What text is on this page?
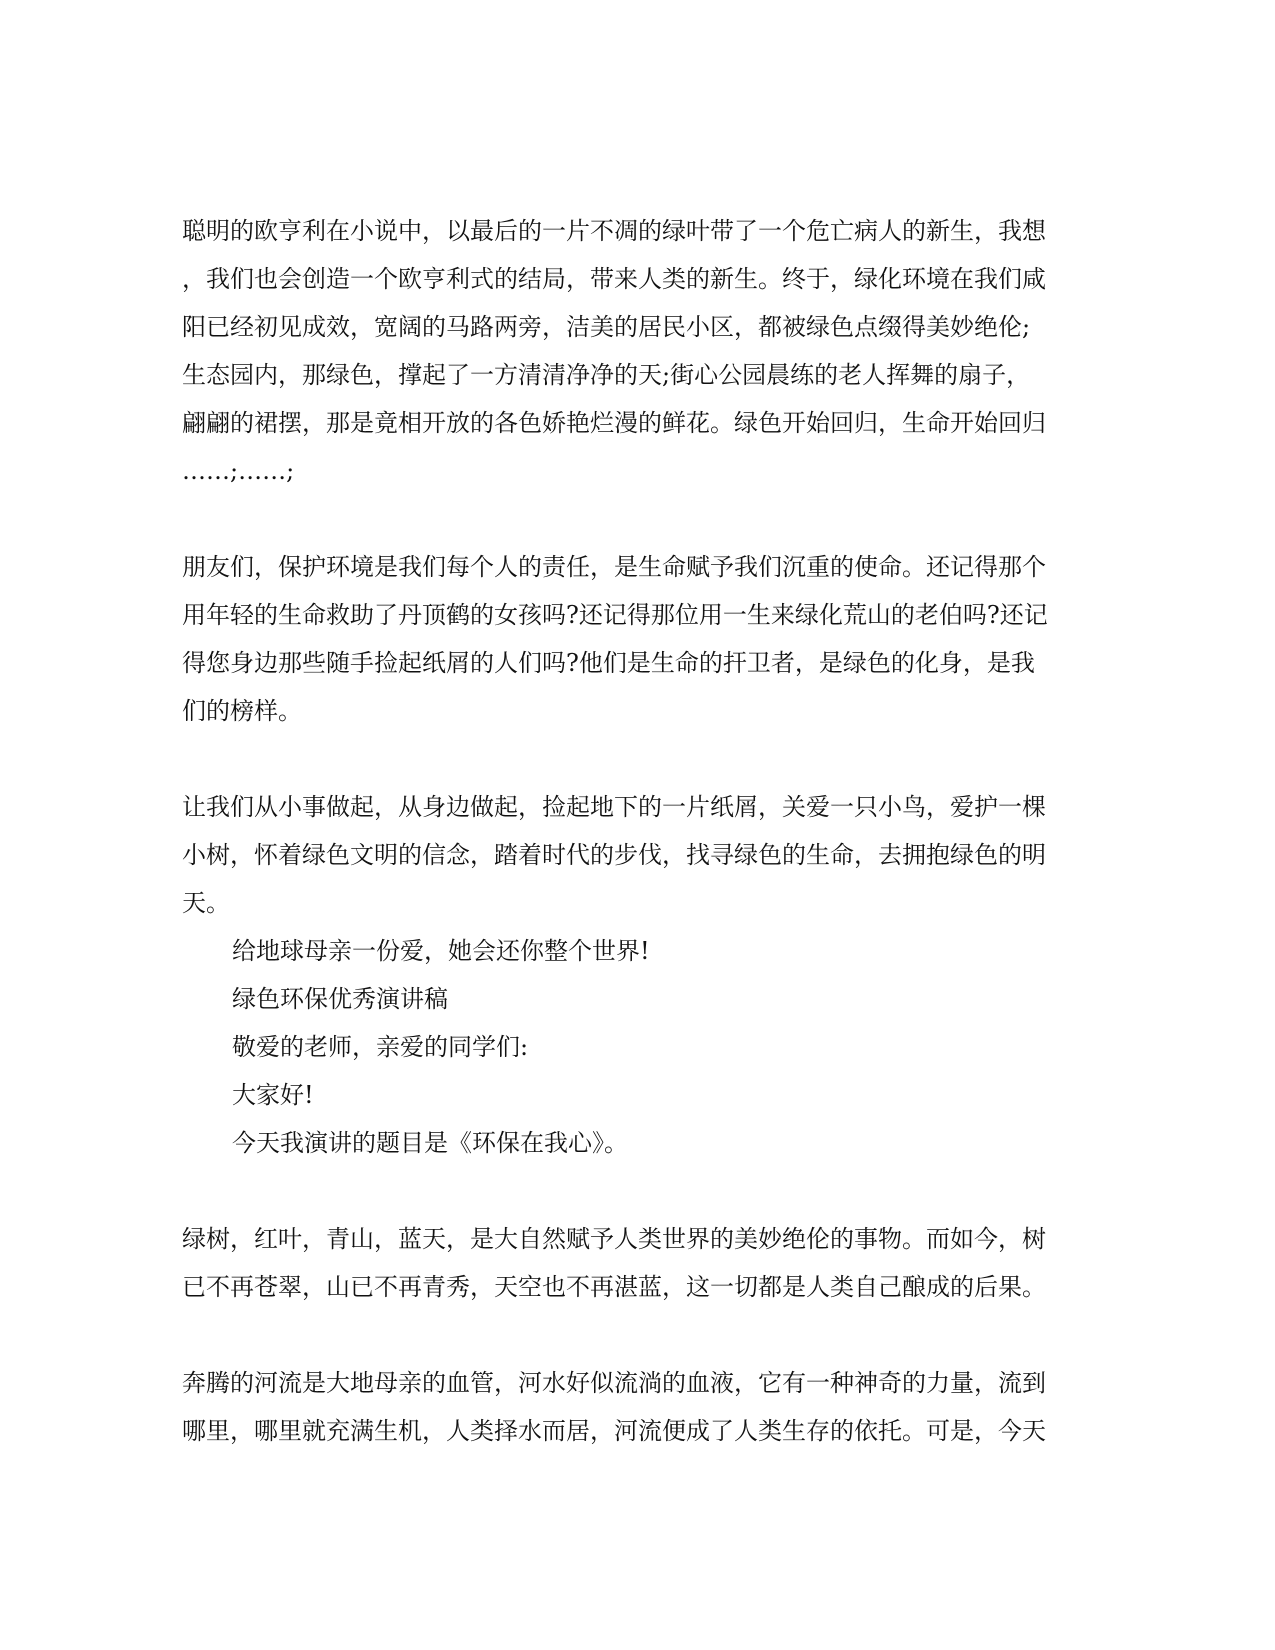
聪明的欧亨利在小说中，以最后的一片不凋的绿叶带了一个危亡病人的新生，我想
，我们也会创造一个欧亨利式的结局，带来人类的新生。终于，绿化环境在我们咸
阳已经初见成效，宽阔的马路两旁，洁美的居民小区，都被绿色点缀得美妙绝伦;
生态园内，那绿色，撑起了一方清清净净的天;街心公园晨练的老人挥舞的扇子，
翩翩的裙摆，那是竟相开放的各色娇艳烂漫的鲜花。绿色开始回归，生命开始回归
……;……;

朋友们，保护环境是我们每个人的责任，是生命赋予我们沉重的使命。还记得那个
用年轻的生命救助了丹顶鹤的女孩吗?还记得那位用一生来绿化荒山的老伯吗?还记
得您身边那些随手捡起纸屑的人们吗?他们是生命的扞卫者，是绿色的化身，是我
们的榜样。

让我们从小事做起，从身边做起，捡起地下的一片纸屑，关爱一只小鸟，爱护一棵
小树，怀着绿色文明的信念，踏着时代的步伐，找寻绿色的生命，去拥抱绿色的明
天。

给地球母亲一份爱，她会还你整个世界!
绿色环保优秀演讲稿
敬爱的老师，亲爱的同学们:
大家好!
今天我演讲的题目是《环保在我心》。

绿树，红叶，青山，蓝天，是大自然赋予人类世界的美妙绝伦的事物。而如今，树
已不再苍翠，山已不再青秀，天空也不再湛蓝，这一切都是人类自己酿成的后果。

奔腾的河流是大地母亲的血管，河水好似流淌的血液，它有一种神奇的力量，流到
哪里，哪里就充满生机，人类择水而居，河流便成了人类生存的依托。可是，今天
